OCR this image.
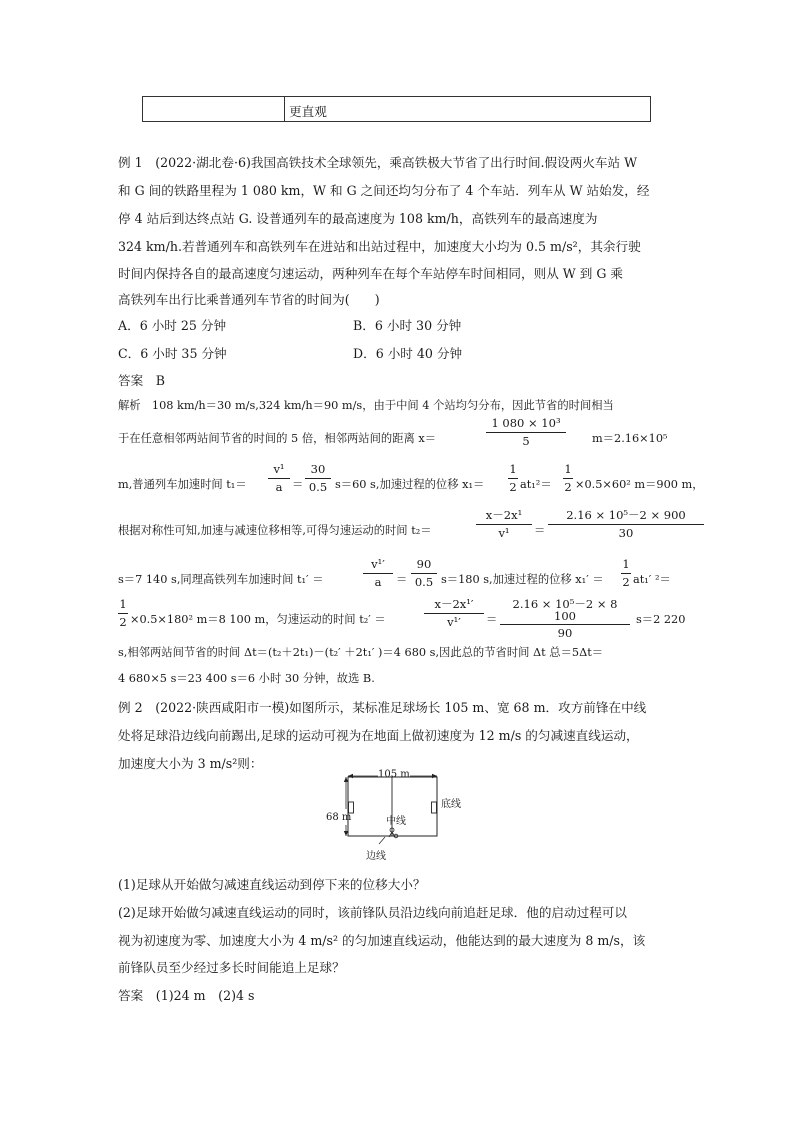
更直观
例 1　(2022·湖北卷·6)我国高铁技术全球领先，乘高铁极大节省了出行时间.假设两火车站 W
和 G 间的铁路里程为 1 080 km，W 和 G 之间还均匀分布了 4 个车站．列车从 W 站始发，经
停 4 站后到达终点站 G. 设普通列车的最高速度为 108 km/h，高铁列车的最高速度为
324 km/h.若普通列车和高铁列车在进站和出站过程中，加速度大小均为 0.5 m/s²，其余行驶
时间内保持各自的最高速度匀速运动，两种列车在每个车站停车时间相同，则从 W 到 G 乘
高铁列车出行比乘普通列车节省的时间为(　　)
A．6 小时 25 分钟	B．6 小时 30 分钟
C．6 小时 35 分钟	D．6 小时 40 分钟
答案　B
解析　108 km/h＝30 m/s,324 km/h＝90 m/s，由于中间 4 个站均匀分布，因此节省的时间相当
于在任意相邻两站间节省的时间的 5 倍，相邻两站间的距离 x＝
1 080 × 10³
5	m＝2.16×10⁵
m,普通列车加速时间 t₁＝
v¹
a ＝
30
0.5 s＝60 s,加速过程的位移 x₁＝
1
2 at₁²＝
1
2 ×0.5×60² m＝900 m，
根据对称性可知,加速与减速位移相等,可得匀速运动的时间 t₂＝
x－2x¹
v¹	＝
2.16 × 10⁵－2 × 900
30
s＝7 140 s,同理高铁列车加速时间 t₁′ ＝
v¹′
a	＝
90
0.5 s＝180 s,加速过程的位移 x₁′ ＝
1
2 at₁′ ²＝
1
2 ×0.5×180² m＝8 100 m，匀速运动的时间 t₂′ ＝
x－2x¹′
v¹′	＝
2.16 × 10⁵－2 × 8 100
90
s＝2 220
s,相邻两站间节省的时间 Δt＝(t₂＋2t₁)－(t₂′ ＋2t₁′ )＝4 680 s,因此总的节省时间 Δt 总＝5Δt＝
4 680×5 s＝23 400 s＝6 小时 30 分钟，故选 B.
例 2　(2022·陕西咸阳市一模)如图所示，某标准足球场长 105 m、宽 68 m．攻方前锋在中线
处将足球沿边线向前踢出,足球的运动可视为在地面上做初速度为 12 m/s 的匀减速直线运动，
加速度大小为 3 m/s²则：
105 m
68 m	中线
底线
边线
(1)足球从开始做匀减速直线运动到停下来的位移大小？
(2)足球开始做匀减速直线运动的同时，该前锋队员沿边线向前追赶足球．他的启动过程可以
视为初速度为零、加速度大小为 4 m/s² 的匀加速直线运动，他能达到的最大速度为 8 m/s，该
前锋队员至少经过多长时间能追上足球？
答案　(1)24 m　(2)4 s
